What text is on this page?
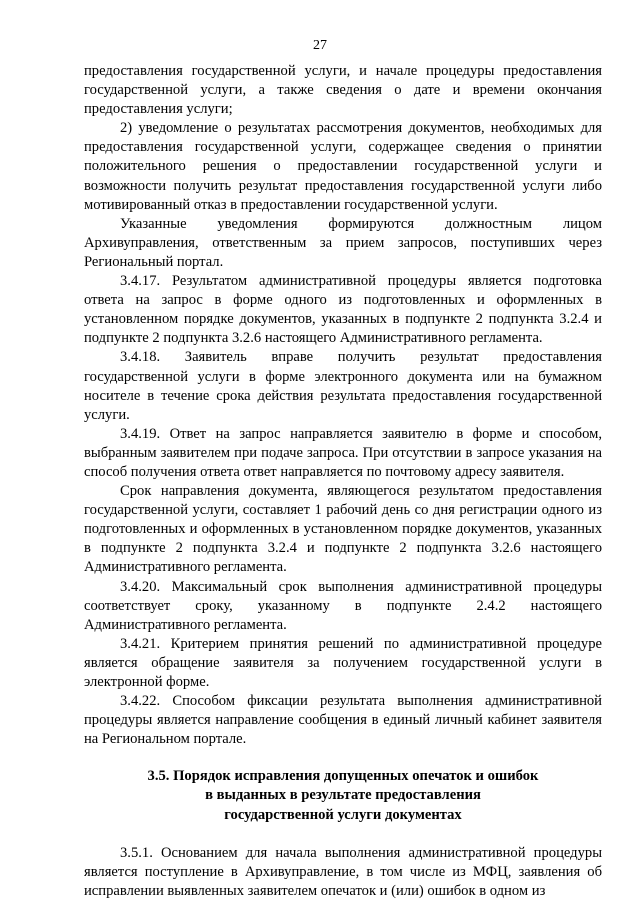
27

предоставления государственной услуги, и начале процедуры предоставления государственной услуги, а также сведения о дате и времени окончания предоставления услуги;

2) уведомление о результатах рассмотрения документов, необходимых для предоставления государственной услуги, содержащее сведения о принятии положительного решения о предоставлении государственной услуги и возможности получить результат предоставления государственной услуги либо мотивированный отказ в предоставлении государственной услуги.

Указанные уведомления формируются должностным лицом Архивуправления, ответственным за прием запросов, поступивших через Региональный портал.

3.4.17. Результатом административной процедуры является подготовка ответа на запрос в форме одного из подготовленных и оформленных в установленном порядке документов, указанных в подпункте 2 подпункта 3.2.4 и подпункте 2 подпункта 3.2.6 настоящего Административного регламента.

3.4.18. Заявитель вправе получить результат предоставления государственной услуги в форме электронного документа или на бумажном носителе в течение срока действия результата предоставления государственной услуги.

3.4.19. Ответ на запрос направляется заявителю в форме и способом, выбранным заявителем при подаче запроса. При отсутствии в запросе указания на способ получения ответа ответ направляется по почтовому адресу заявителя.

Срок направления документа, являющегося результатом предоставления государственной услуги, составляет 1 рабочий день со дня регистрации одного из подготовленных и оформленных в установленном порядке документов, указанных в подпункте 2 подпункта 3.2.4 и подпункте 2 подпункта 3.2.6 настоящего Административного регламента.

3.4.20. Максимальный срок выполнения административной процедуры соответствует сроку, указанному в подпункте 2.4.2 настоящего Административного регламента.

3.4.21. Критерием принятия решений по административной процедуре является обращение заявителя за получением государственной услуги в электронной форме.

3.4.22. Способом фиксации результата выполнения административной процедуры является направление сообщения в единый личный кабинет заявителя на Региональном портале.

3.5. Порядок исправления допущенных опечаток и ошибок
в выданных в результате предоставления
государственной услуги документах

3.5.1. Основанием для начала выполнения административной процедуры является поступление в Архивуправление, в том числе из МФЦ, заявления об исправлении выявленных заявителем опечаток и (или) ошибок в одном из
